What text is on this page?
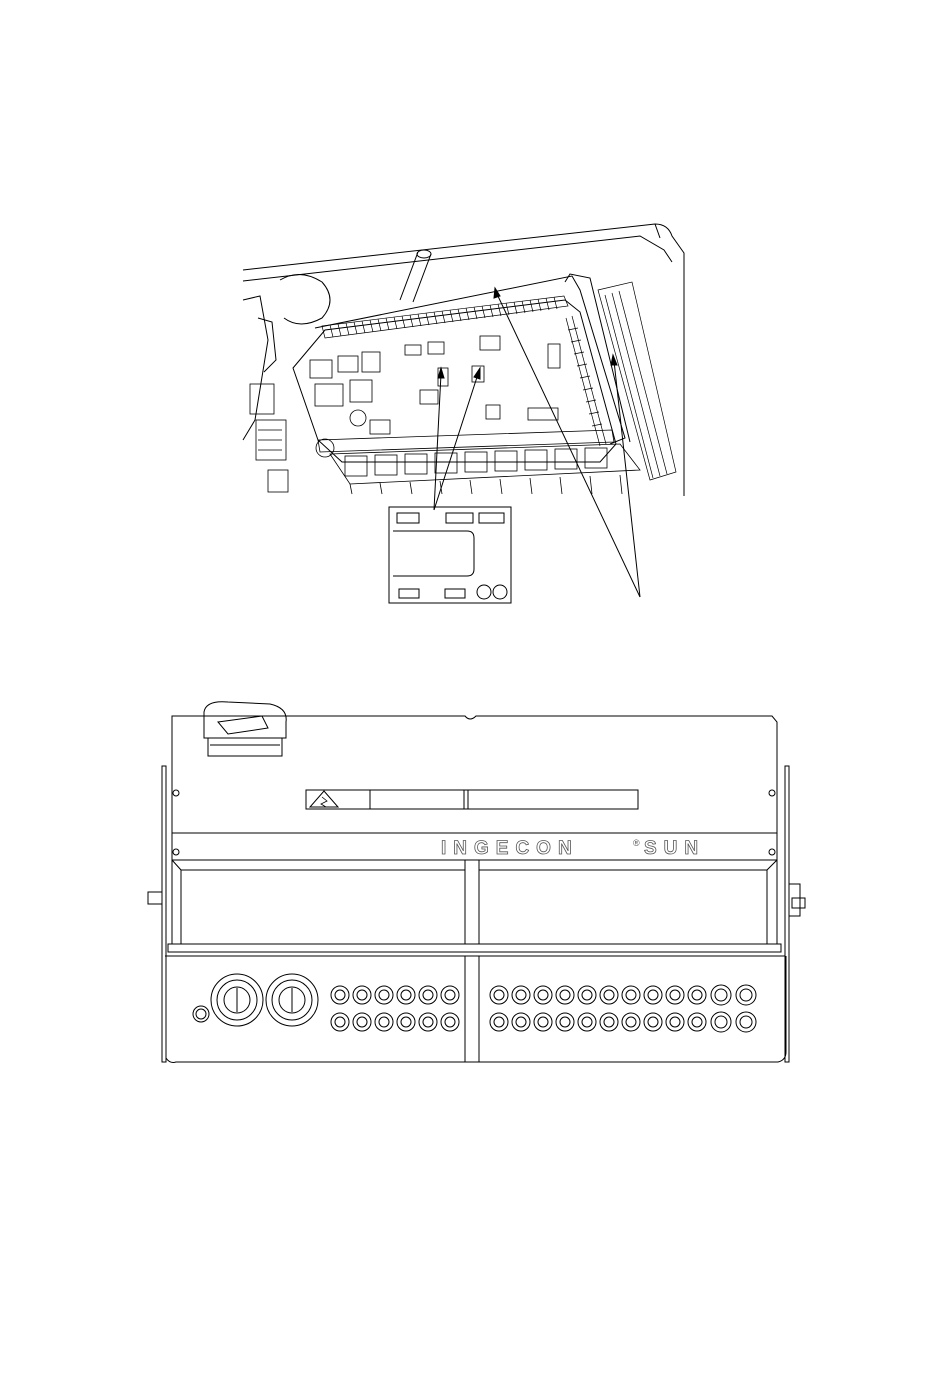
INGECON	® SUN
